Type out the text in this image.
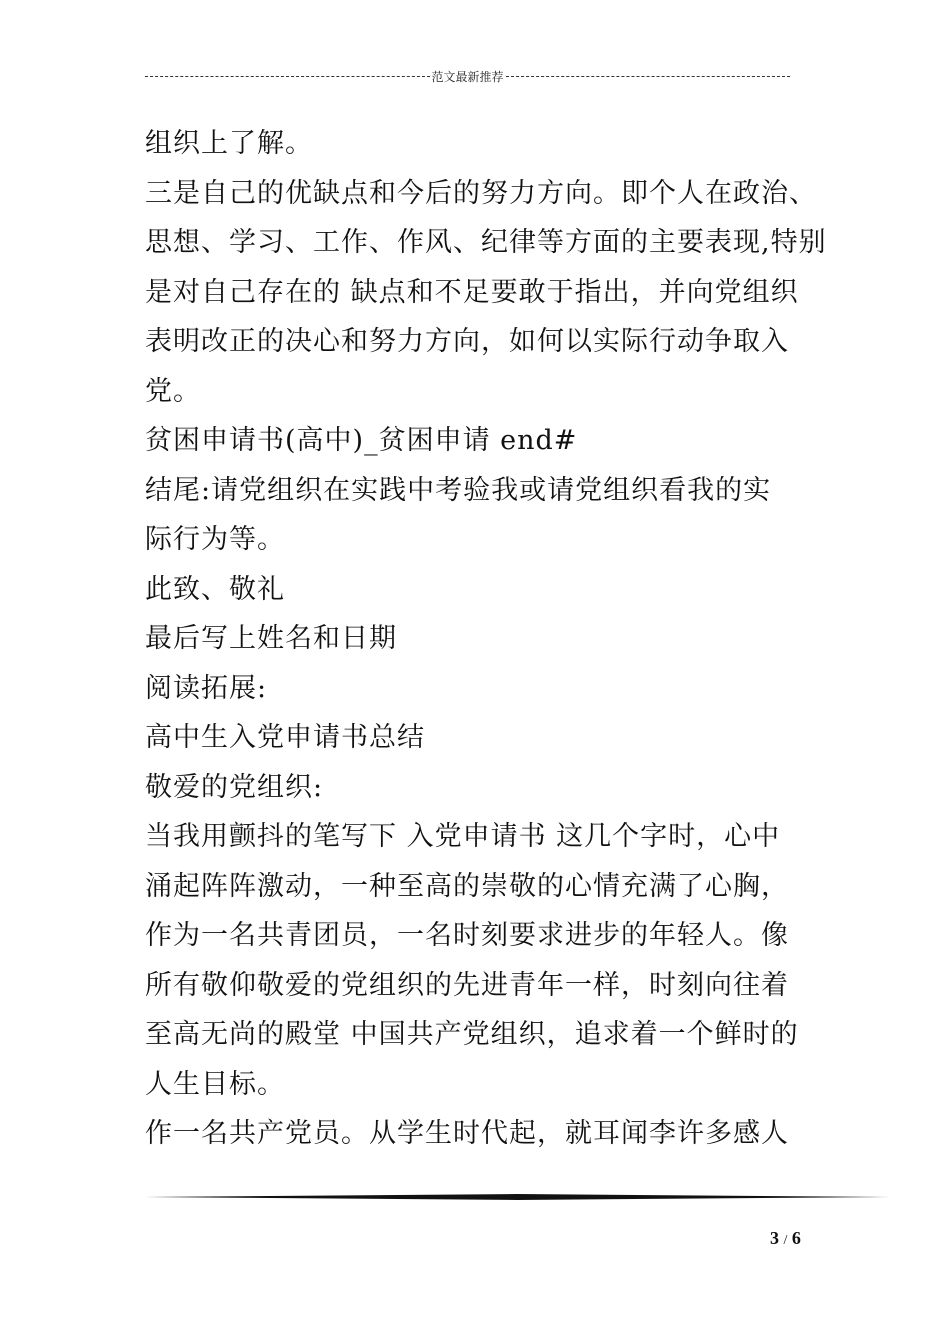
范文最新推荐
组织上了解。
三是自己的优缺点和今后的努力方向。即个人在政治、
思想、学习、工作、作风、纪律等方面的主要表现,特别
是对自己存在的 缺点和不足要敢于指出，并向党组织
表明改正的决心和努力方向，如何以实际行动争取入
党。
贫困申请书(高中)_贫困申请 end#
结尾:请党组织在实践中考验我或请党组织看我的实
际行为等。
此致、敬礼
最后写上姓名和日期
阅读拓展:
高中生入党申请书总结
敬爱的党组织:
当我用颤抖的笔写下 入党申请书 这几个字时，心中
涌起阵阵激动，一种至高的崇敬的心情充满了心胸，
作为一名共青团员，一名时刻要求进步的年轻人。像
所有敬仰敬爱的党组织的先进青年一样，时刻向往着
至高无尚的殿堂 中国共产党组织，追求着一个鲜时的
人生目标。
作一名共产党员。从学生时代起，就耳闻李许多感人
3 / 6
